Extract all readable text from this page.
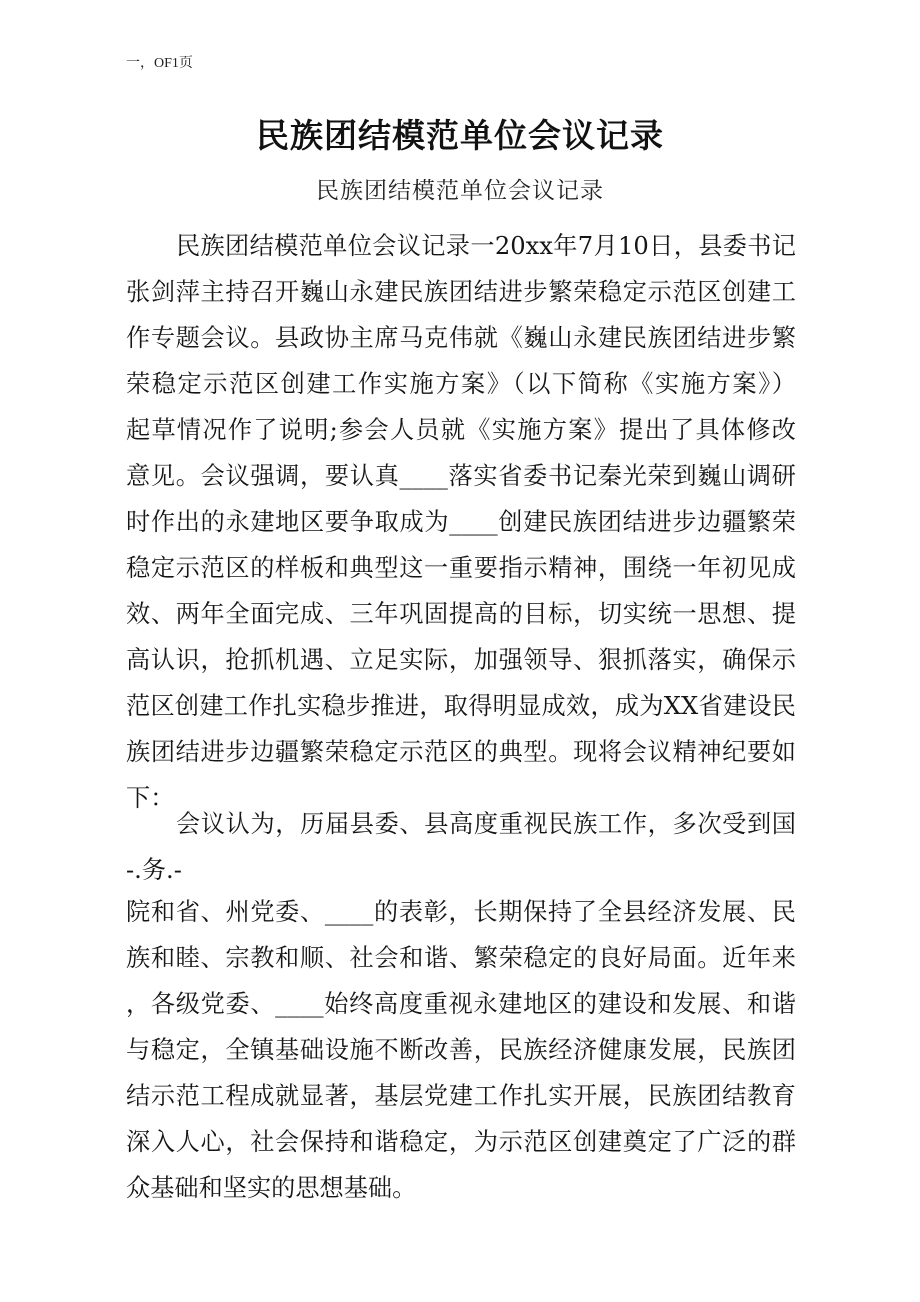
一，OF1页
民族团结模范单位会议记录
民族团结模范单位会议记录
民族团结模范单位会议记录一20xx年7月10日，县委书记
张剑萍主持召开巍山永建民族团结进步繁荣稳定示范区创建工
作专题会议。县政协主席马克伟就《巍山永建民族团结进步繁
荣稳定示范区创建工作实施方案》（以下简称《实施方案》）
起草情况作了说明;参会人员就《实施方案》提出了具体修改
意见。会议强调，要认真____落实省委书记秦光荣到巍山调研
时作出的永建地区要争取成为____创建民族团结进步边疆繁荣
稳定示范区的样板和典型这一重要指示精神，围绕一年初见成
效、两年全面完成、三年巩固提高的目标，切实统一思想、提
高认识，抢抓机遇、立足实际，加强领导、狠抓落实，确保示
范区创建工作扎实稳步推进，取得明显成效，成为XX省建设民
族团结进步边疆繁荣稳定示范区的典型。现将会议精神纪要如
下：
会议认为，历届县委、县高度重视民族工作，多次受到国
-.务.-
院和省、州党委、____的表彰，长期保持了全县经济发展、民
族和睦、宗教和顺、社会和谐、繁荣稳定的良好局面。近年来
，各级党委、____始终高度重视永建地区的建设和发展、和谐
与稳定，全镇基础设施不断改善，民族经济健康发展，民族团
结示范工程成就显著，基层党建工作扎实开展，民族团结教育
深入人心，社会保持和谐稳定，为示范区创建奠定了广泛的群
众基础和坚实的思想基础。
